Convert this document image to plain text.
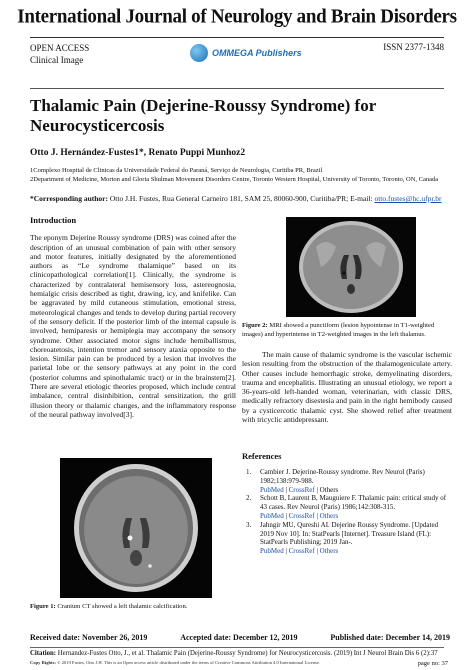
International Journal of Neurology and Brain Disorders
OPEN ACCESS
Clinical Image
OMMEGA Publishers
ISSN 2377-1348
Thalamic Pain (Dejerine-Roussy Syndrome) for Neurocysticercosis
Otto J. Hernández-Fustes1*, Renato Puppi Munhoz2
1Complexo Hospital de Clinicas da Universidade Federal do Paraná, Serviço de Neurologia, Curitiba PR, Brazil
2Department of Medicine, Morton and Gloria Shulman Movement Disorders Centre, Toronto Western Hospital, University of Toronto, Toronto, ON, Canada
*Corresponding author: Otto J.H. Fustes, Rua General Carneiro 181, SAM 25, 80060-900, Curitiba/PR; E-mail: otto.fustes@hc.ufpr.br
Introduction

The eponym Dejerine Roussy syndrome (DRS) was coined after the description of an unusual combination of pain with other sensory and motor features, initially designated by the aforementioned authors as “Le syndrome thalamique” based on its clinicopathological correlation[1]. Clinically, the syndrome is characterized by contralateral hemisensory loss, astereognosia, hemialgic crisis described as tight, drawing, icy, and knifelike. Can be aggravated by mild cutaneous stimulation, emotional stress, meteorological changes and tends to develop during partial recovery of the sensory deficit. If the posterior limb of the internal capsule is involved, hemiparesis or hemiplegia may accompany the sensory syndrome. Other associated motor signs include hemiballismus, choreoatetosis, intention tremor and sensory ataxia opposite to the lesion. Similar pain can be produced by a lesion that involves the parietal lobe or the sensory pathways at any point in the cord (posterior columns and spinothalamic tract) or in the brainstem[2]. There are several etiologic theories proposed, which include central imbalance, central disinhibition, central sensitization, the grill illusion theory or thalamic changes, and the inflammatory response of the neural pathway involved[3].

Figure 1: Cranium CT showed a left thalamic calcification.
Figure 2: MRI showed a punctiform (lesion hypointense in T1-weighted images) and hyperintense in T2-weighted images in the left thalamus.

The main cause of thalamic syndrome is the vascular ischemic lesion resulting from the obstruction of the thalamogeniculate artery. Other causes include hemorrhagic stroke, demyelinating disorders, trauma and encephalitis. Illustrating an unusual etiology, we report a 36-years-old left-handed woman, veterinarian, with classic DRS, medically refractory disestesia and pain in the right hemibody caused by a cysticercotic thalamic cyst. She showed relief after treatment with tricyclic antidepressant.

References
1. Cambier J. Dejerine-Roussy syndrome. Rev Neurol (Paris) 1982;138:979-988.
PubMed | CrossRef | Others
2. Schott B, Laurent B, Mauguiere F. Thalamic pain: critical study of 43 cases. Rev Neurol (Paris) 1986;142:308-315.
PubMed | CrossRef | Others
3. Jahngir MU, Qureshi AI. Dejerine Roussy Syndrome. [Updated 2019 Nov 10]. In: StatPearls [Internet]. Treasure Island (FL): StatPearls Publishing; 2019 Jan-.
PubMed | CrossRef | Others
Received date: November 26, 2019	Accepted date: December 12, 2019	Published date: December 14, 2019
Citation: Hernandez-Fustes Otto, J., et al. Thalamic Pain (Dejerine-Roussy Syndrome) for Neurocysticercosis. (2019) Int J Neurol Brain Dis 6 (2):37
Copy Rights: © 2019 Fustes, Otto J.H. This is an Open access article distributed under the terms of Creative Commons Attribution 4.0 International License.	page no: 37
